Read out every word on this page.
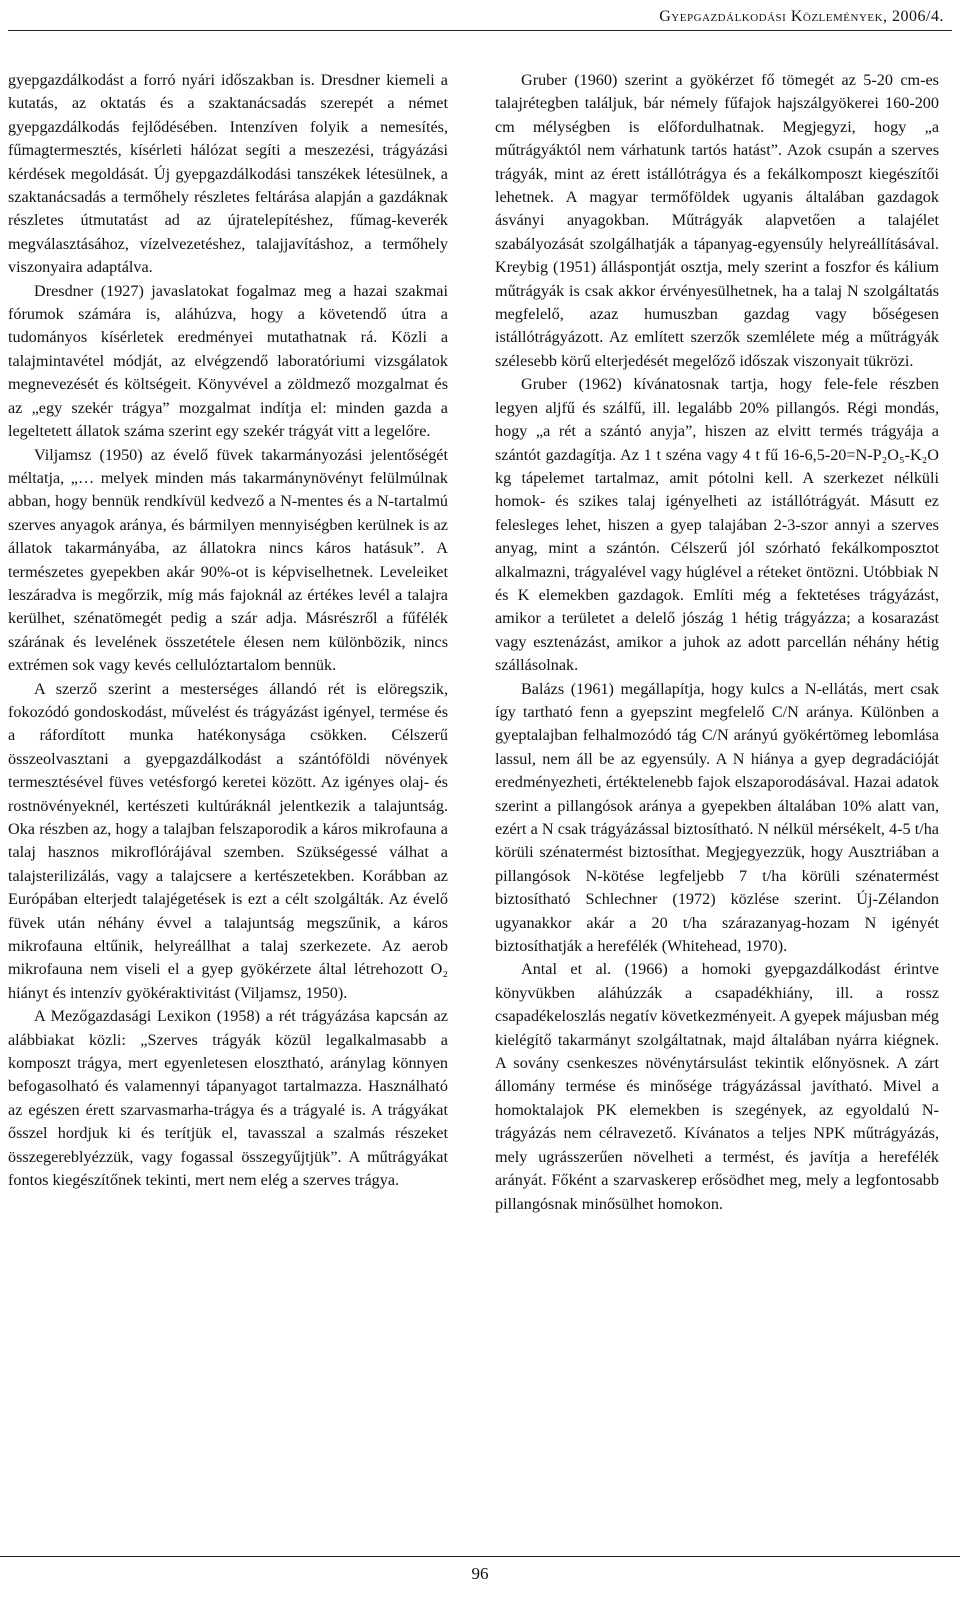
Gyepgazdálkodási Közlemények, 2006/4.

gyepgazdálkodást a forró nyári időszakban is. Dresdner kiemeli a kutatás, az oktatás és a szaktanácsadás szerepét a német gyepgazdálkodás fejlődésében. Intenzíven folyik a nemesítés, fűmagtermesztés, kísérleti hálózat segíti a meszezési, trágyázási kérdések megoldását. Új gyepgazdálkodási tanszékek létesülnek, a szaktanácsadás a termőhely részletes feltárása alapján a gazdáknak részletes útmutatást ad az újratelepítéshez, fűmag-keverék megválasztásához, vízelvezetéshez, talajjavításhoz, a termőhely viszonyaira adaptálva.

Dresdner (1927) javaslatokat fogalmaz meg a hazai szakmai fórumok számára is, aláhúzva, hogy a követendő útra a tudományos kísérletek eredményei mutathatnak rá. Közli a talajmintavétel módját, az elvégzendő laboratóriumi vizsgálatok megnevezését és költségeit. Könyvével a zöldmező mozgalmat és az „egy szekér trágya” mozgalmat indítja el: minden gazda a legeltetett állatok száma szerint egy szekér trágyát vitt a legelőre.

Viljamsz (1950) az évelő füvek takarmányozási jelentőségét méltatja, „… melyek minden más takarmánynövényt felülmúlnak abban, hogy bennük rendkívül kedvező a N-mentes és a N-tartalmú szerves anyagok aránya, és bármilyen mennyiségben kerülnek is az állatok takarmányába, az állatokra nincs káros hatásuk”. A természetes gyepekben akár 90%-ot is képviselhetnek. Leveleiket leszáradva is megőrzik, míg más fajoknál az értékes levél a talajra kerülhet, szénatömegét pedig a szár adja. Másrészről a fűfélék szárának és levelének összetétele élesen nem különbözik, nincs extrémen sok vagy kevés cellulóztartalom bennük.

A szerző szerint a mesterséges állandó rét is elöregszik, fokozódó gondoskodást, művelést és trágyázást igényel, termése és a ráfordított munka hatékonysága csökken. Célszerű összeolvasztani a gyepgazdálkodást a szántóföldi növények termesztésével füves vetésforgó keretei között. Az igényes olaj- és rostnövényeknél, kertészeti kultúráknál jelentkezik a talajuntság. Oka részben az, hogy a talajban felszaporodik a káros mikrofauna a talaj hasznos mikroflórájával szemben. Szükségessé válhat a talajsterilizálás, vagy a talajcsere a kertészetekben. Korábban az Európában elterjedt talajégetések is ezt a célt szolgálták. Az évelő füvek után néhány évvel a talajuntság megszűnik, a káros mikrofauna eltűnik, helyreállhat a talaj szerkezete. Az aerob mikrofauna nem viseli el a gyep gyökérzete által létrehozott O₂ hiányt és intenzív gyökéraktivitást (Viljamsz, 1950).

A Mezőgazdasági Lexikon (1958) a rét trágyázása kapcsán az alábbiakat közli: „Szerves trágyák közül legalkalmasabb a komposzt trágya, mert egyenletesen elosztható, aránylag könnyen befogasolható és valamennyi tápanyagot tartalmazza. Használható az egészen érett szarvasmarha-trágya és a trágyalé is. A trágyákat ősszel hordjuk ki és terítjük el, tavasszal a szalmás részeket összegereblyézzük, vagy fogassal összegyűjtjük”. A műtrágyákat fontos kiegészítőnek tekinti, mert nem elég a szerves trágya.

Gruber (1960) szerint a gyökérzet fő tömegét az 5-20 cm-es talajrétegben találjuk, bár némely fűfajok hajszálgyökerei 160-200 cm mélységben is előfordulhatnak. Megjegyzi, hogy „a műtrágyáktól nem várhatunk tartós hatást”. Azok csupán a szerves trágyák, mint az érett istállótrágya és a fekálkomposzt kiegészítői lehetnek. A magyar termőföldek ugyanis általában gazdagok ásványi anyagokban. Műtrágyák alapvetően a talajélet szabályozását szolgálhatják a tápanyag-egyensúly helyreállításával. Kreybig (1951) álláspontját osztja, mely szerint a foszfor és kálium műtrágyák is csak akkor érvényesülhetnek, ha a talaj N szolgáltatás megfelelő, azaz humuszban gazdag vagy bőségesen istállótrágyázott. Az említett szerzők szemlélete még a műtrágyák szélesebb körű elterjedését megelőző időszak viszonyait tükrözi.

Gruber (1962) kívánatosnak tartja, hogy fele-fele részben legyen aljfű és szálfű, ill. legalább 20% pillangós. Régi mondás, hogy „a rét a szántó anyja”, hiszen az elvitt termés trágyája a szántót gazdagítja. Az 1 t széna vagy 4 t fű 16-6,5-20=N-P₂O₅-K₂O kg tápelemet tartalmaz, amit pótolni kell. A szerkezet nélküli homok- és szikes talaj igényelheti az istállótrágyát. Másutt ez felesleges lehet, hiszen a gyep talajában 2-3-szor annyi a szerves anyag, mint a szántón. Célszerű jól szórható fekálkomposztot alkalmazni, trágyalével vagy húglével a réteket öntözni. Utóbbiak N és K elemekben gazdagok. Említi még a fektetéses trágyázást, amikor a területet a delelő jószág 1 hétig trágyázza; a kosarazást vagy esztenázást, amikor a juhok az adott parcellán néhány hétig szállásolnak.

Balázs (1961) megállapítja, hogy kulcs a N-ellátás, mert csak így tartható fenn a gyepszint megfelelő C/N aránya. Különben a gyeptalajban felhalmozódó tág C/N arányú gyökértömeg lebomlása lassul, nem áll be az egyensúly. A N hiánya a gyep degradációját eredményezheti, értéktelenebb fajok elszaporodásával. Hazai adatok szerint a pillangósok aránya a gyepekben általában 10% alatt van, ezért a N csak trágyázással biztosítható. N nélkül mérsékelt, 4-5 t/ha körüli szénatermést biztosíthat. Megjegyezzük, hogy Ausztriában a pillangósok N-kötése legfeljebb 7 t/ha körüli szénatermést biztosítható Schlechner (1972) közlése szerint. Új-Zélandon ugyanakkor akár a 20 t/ha szárazanyag-hozam N igényét biztosíthatják a herefélék (Whitehead, 1970).

Antal et al. (1966) a homoki gyepgazdálkodást érintve könyvükben aláhúzzák a csapadékhiány, ill. a rossz csapadékeloszlás negatív következményeit. A gyepek májusban még kielégítő takarmányt szolgáltatnak, majd általában nyárra kiégnek. A sovány csenkeszes növénytársulást tekintik előnyösnek. A zárt állomány termése és minősége trágyázással javítható. Mivel a homoktalajok PK elemekben is szegények, az egyoldalú N-trágyázás nem célravezető. Kívánatos a teljes NPK műtrágyázás, mely ugrásszerűen növelheti a termést, és javítja a herefélék arányát. Főként a szarvaskerep erősödhet meg, mely a legfontosabb pillangósnak minősülhet homokon.

96
